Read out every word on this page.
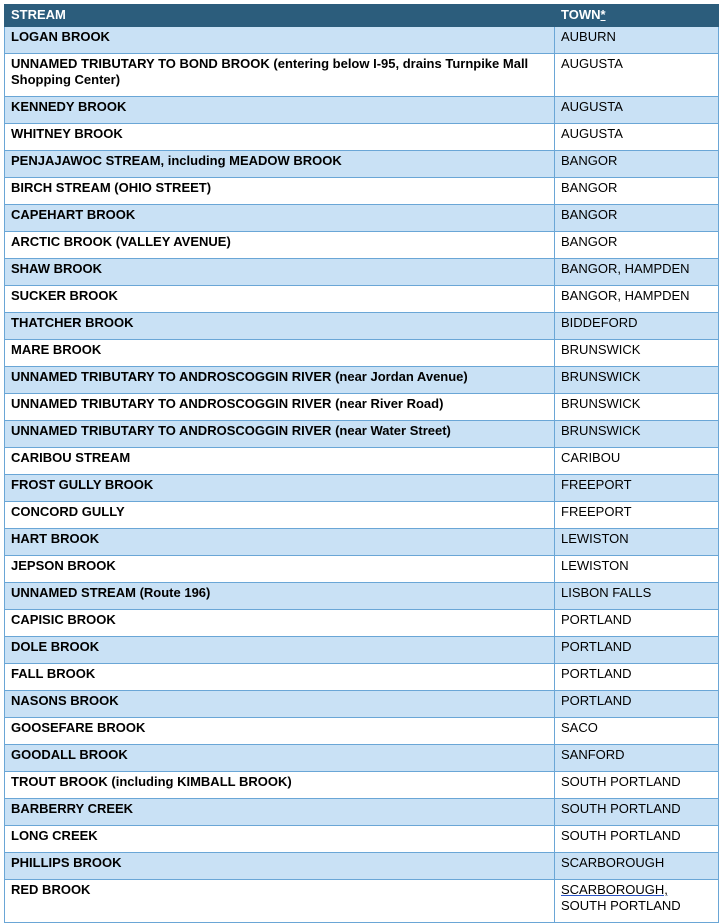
STREAM	TOWN*
LOGAN BROOK	AUBURN
UNNAMED TRIBUTARY TO BOND BROOK (entering below I-95, drains Turnpike Mall Shopping Center)	AUGUSTA
KENNEDY BROOK	AUGUSTA
WHITNEY BROOK	AUGUSTA
PENJAJAWOC STREAM, including MEADOW BROOK	BANGOR
BIRCH STREAM (OHIO STREET)	BANGOR
CAPEHART BROOK	BANGOR
ARCTIC BROOK (VALLEY AVENUE)	BANGOR
SHAW BROOK	BANGOR, HAMPDEN
SUCKER BROOK	BANGOR, HAMPDEN
THATCHER BROOK	BIDDEFORD
MARE BROOK	BRUNSWICK
UNNAMED TRIBUTARY TO ANDROSCOGGIN RIVER (near Jordan Avenue)	BRUNSWICK
UNNAMED TRIBUTARY TO ANDROSCOGGIN RIVER (near River Road)	BRUNSWICK
UNNAMED TRIBUTARY TO ANDROSCOGGIN RIVER (near Water Street)	BRUNSWICK
CARIBOU STREAM	CARIBOU
FROST GULLY BROOK	FREEPORT
CONCORD GULLY	FREEPORT
HART BROOK	LEWISTON
JEPSON BROOK	LEWISTON
UNNAMED STREAM (Route 196)	LISBON FALLS
CAPISIC BROOK	PORTLAND
DOLE BROOK	PORTLAND
FALL BROOK	PORTLAND
NASONS BROOK	PORTLAND
GOOSEFARE BROOK	SACO
GOODALL BROOK	SANFORD
TROUT BROOK (including KIMBALL BROOK)	SOUTH PORTLAND
BARBERRY CREEK	SOUTH PORTLAND
LONG CREEK	SOUTH PORTLAND
PHILLIPS BROOK	SCARBOROUGH
RED BROOK	SCARBOROUGH,
SOUTH PORTLAND
